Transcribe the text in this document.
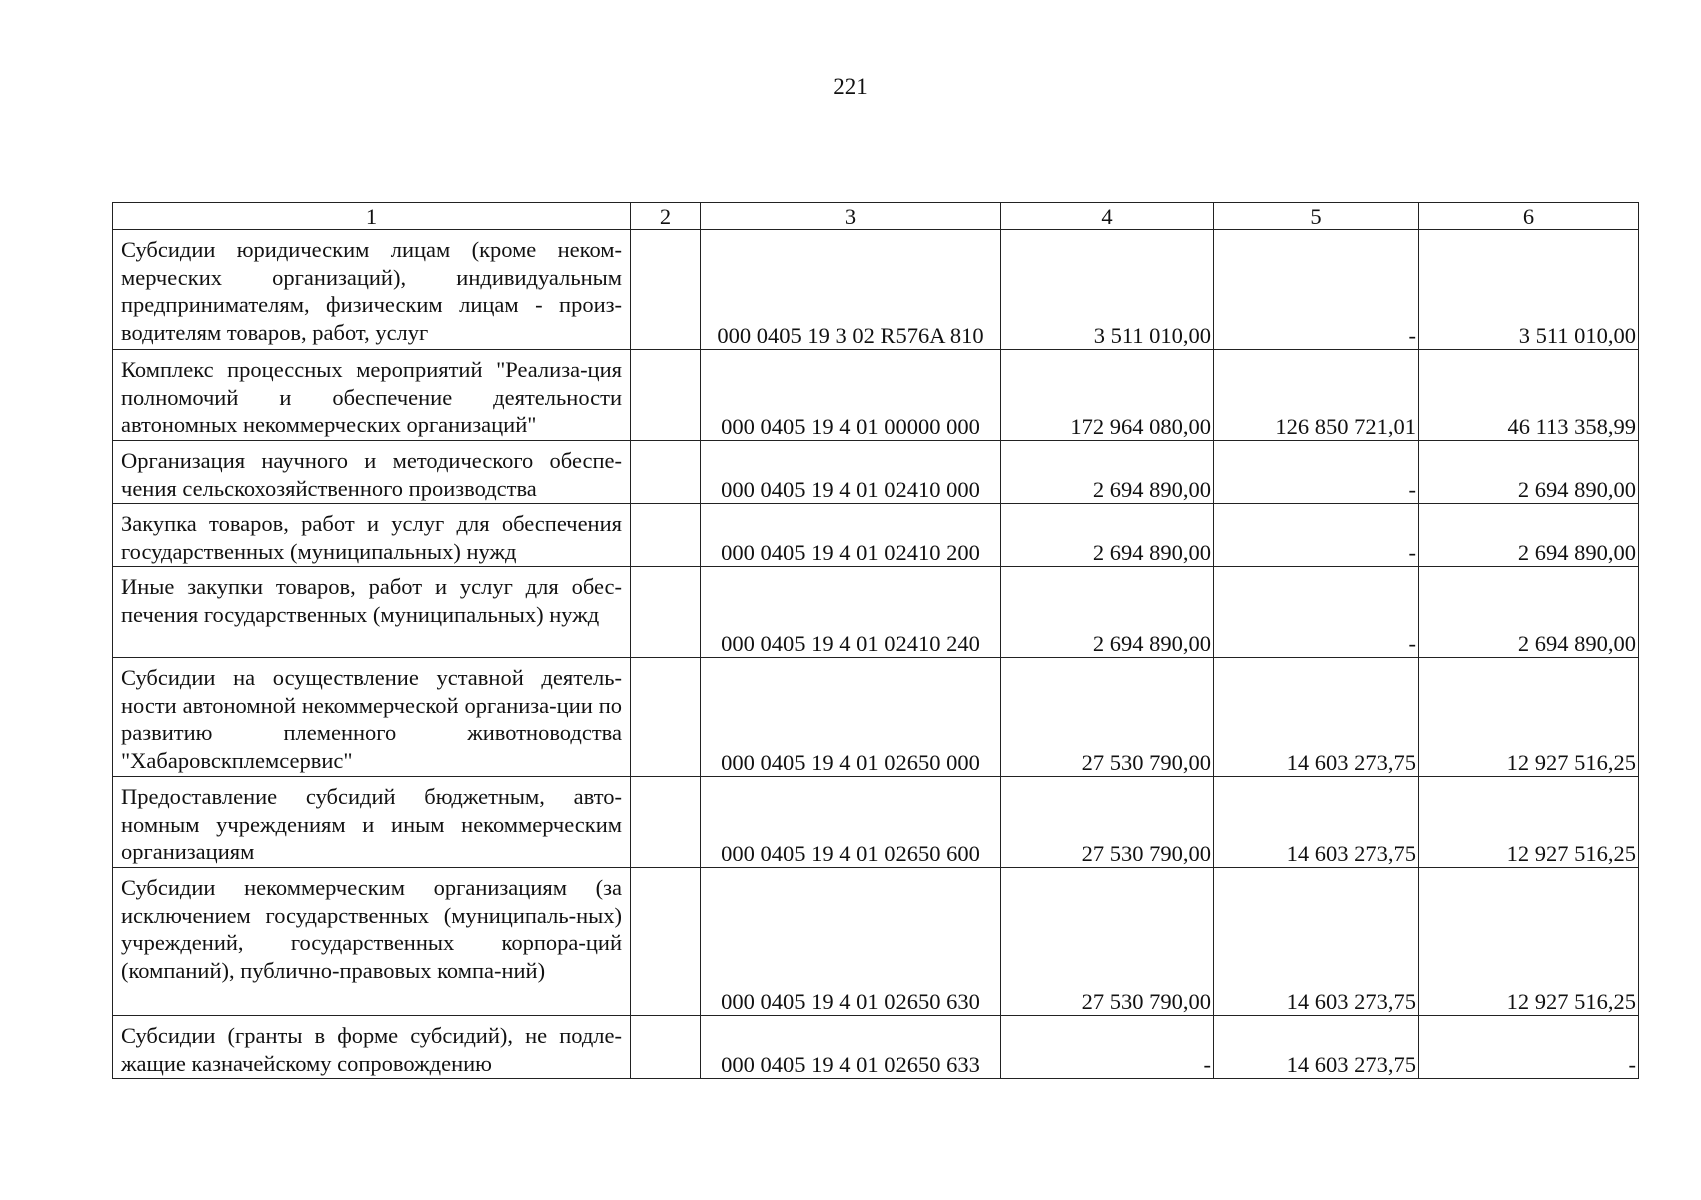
221
1	2	3	4	5	6
Субсидии юридическим лицам (кроме неком-мерческих организаций), индивидуальным предпринимателям, физическим лицам - произ-водителям товаров, работ, услуг		000 0405 19 3 02 R576A 810	3 511 010,00	-	3 511 010,00
Комплекс процессных мероприятий "Реализа-ция полномочий и обеспечение деятельности автономных некоммерческих организаций"		000 0405 19 4 01 00000 000	172 964 080,00	126 850 721,01	46 113 358,99
Организация научного и методического обеспе-чения сельскохозяйственного производства		000 0405 19 4 01 02410 000	2 694 890,00	-	2 694 890,00
Закупка товаров, работ и услуг для обеспечения государственных (муниципальных) нужд		000 0405 19 4 01 02410 200	2 694 890,00	-	2 694 890,00
Иные закупки товаров, работ и услуг для обес-печения государственных (муниципальных) нужд		000 0405 19 4 01 02410 240	2 694 890,00	-	2 694 890,00
Субсидии на осуществление уставной деятель-ности автономной некоммерческой организа-ции по развитию племенного животноводства "Хабаровскплемсервис"		000 0405 19 4 01 02650 000	27 530 790,00	14 603 273,75	12 927 516,25
Предоставление субсидий бюджетным, авто-номным учреждениям и иным некоммерческим организациям		000 0405 19 4 01 02650 600	27 530 790,00	14 603 273,75	12 927 516,25
Субсидии некоммерческим организациям (за исключением государственных (муниципаль-ных) учреждений, государственных корпора-ций (компаний), публично-правовых компа-ний)		000 0405 19 4 01 02650 630	27 530 790,00	14 603 273,75	12 927 516,25
Субсидии (гранты в форме субсидий), не подле-жащие казначейскому сопровождению		000 0405 19 4 01 02650 633	-	14 603 273,75	-
